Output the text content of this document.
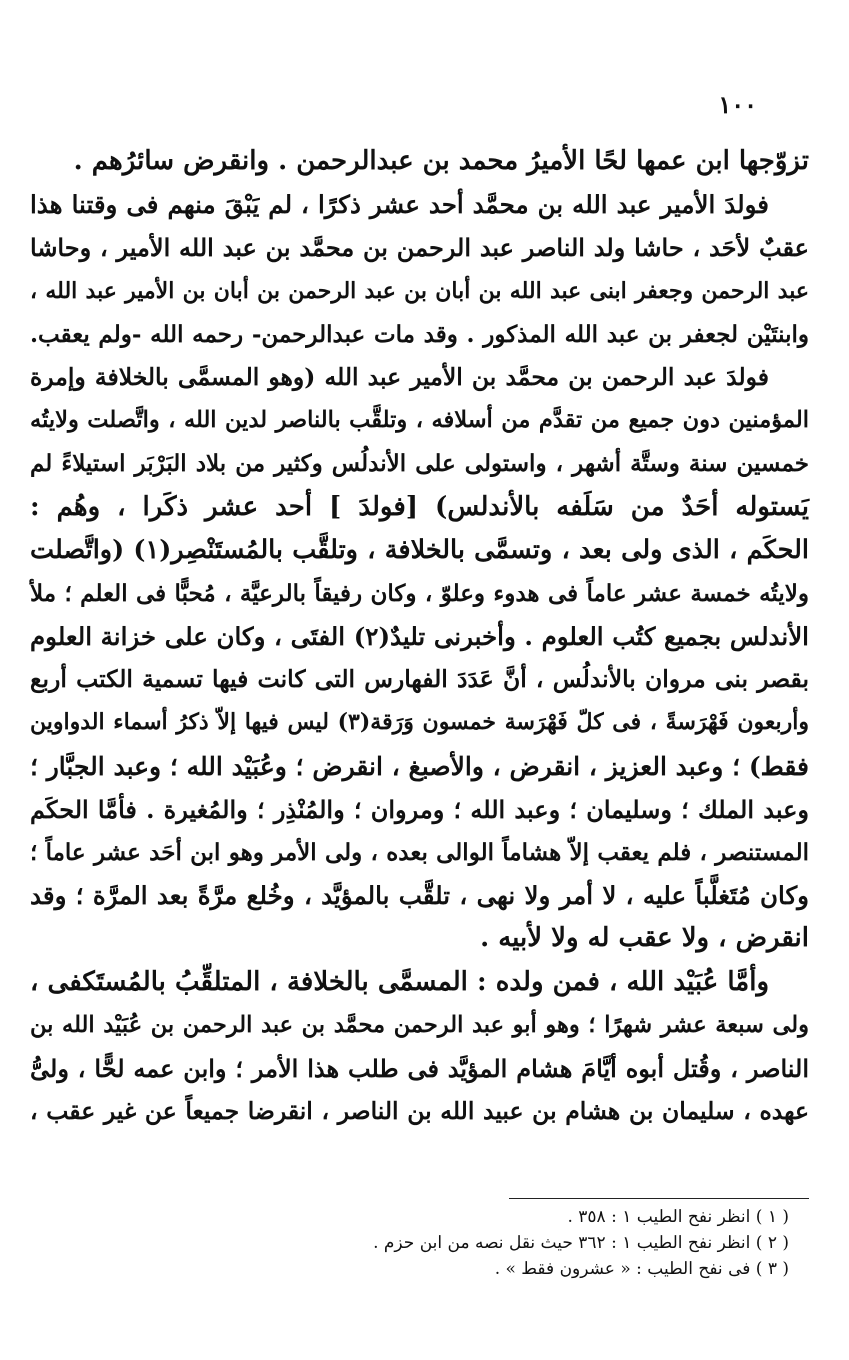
١٠٠
تزوّجها ابن عمها لحًا الأميرُ محمد بن عبدالرحمن . وانقرض سائرُهم .
فولدَ الأمير عبد الله بن محمَّد أحد عشر ذكرًا ، لم يَبْقَ منهم فى وقتنا هذا
عقبٌ لأحَد ، حاشا ولد الناصر عبد الرحمن بن محمَّد بن عبد الله الأمير ، وحاشا
عبد الرحمن وجعفر ابنى عبد الله بن أبان بن عبد الرحمن بن أبان بن الأمير عبد الله ،
وابنتَيْن لجعفر بن عبد الله المذكور . وقد مات عبدالرحمن- رحمه الله -ولم يعقب.
فولدَ عبد الرحمن بن محمَّد بن الأمير عبد الله (وهو المسمَّى بالخلافة وإمرة
المؤمنين دون جميع من تقدَّم من أسلافه ، وتلقَّب بالناصر لدين الله ، واتَّصلت ولايتُه
خمسين سنة وستَّة أشهر ، واستولى على الأندلُس وكثير من بلاد البَرْبَر استيلاءً لم
يَستوله أحَدٌ من سَلَفه بالأندلس) [فولدَ ] أحد عشر ذكَرا ، وهُم :
الحكَم ، الذى ولى بعد ، وتسمَّى بالخلافة ، وتلقَّب بالمُستَنْصِر(١) (واتَّصلت
ولايتُه خمسة عشر عاماً فى هدوء وعلوّ ، وكان رفيقاً بالرعيَّة ، مُحبًّا فى العلم ؛ ملأ
الأندلس بجميع كتُب العلوم . وأخبرنى تليدٌ(٢) الفتَى ، وكان على خزانة العلوم
بقصر بنى مروان بالأندلُس ، أنَّ عَدَدَ الفهارس التى كانت فيها تسمية الكتب أربع
وأربعون فَهْرَسةً ، فى كلّ فَهْرَسة خمسون وَرَقة(٣) ليس فيها إلاّ ذكرُ أسماء الدواوين
فقط) ؛ وعبد العزيز ، انقرض ، والأصبغ ، انقرض ؛ وعُبَيْد الله ؛ وعبد الجبَّار ؛
وعبد الملك ؛ وسليمان ؛ وعبد الله ؛ ومروان ؛ والمُنْذِر ؛ والمُغيرة . فأمَّا الحكَم
المستنصر ، فلم يعقب إلاّ هشاماً الوالى بعده ، ولى الأمر وهو ابن أحَد عشر عاماً ؛
وكان مُتَغلَّباً عليه ، لا أمر ولا نهى ، تلقَّب بالمؤيَّد ، وخُلع مرَّةً بعد المرَّة ؛ وقد
انقرض ، ولا عقب له ولا لأبيه .
وأمَّا عُبَيْد الله ، فمن ولده : المسمَّى بالخلافة ، المتلقِّبُ بالمُستَكفى ،
ولى سبعة عشر شهرًا ؛ وهو أبو عبد الرحمن محمَّد بن عبد الرحمن بن عُبَيْد الله بن
الناصر ، وقُتل أبوه أيَّامَ هشام المؤيَّد فى طلب هذا الأمر ؛ وابن عمه لحًّا ، ولىُّ
عهده ، سليمان بن هشام بن عبيد الله بن الناصر ، انقرضا جميعاً عن غير عقب ،
( ١ ) انظر نفح الطيب ١ : ٣٥٨ .
( ٢ ) انظر نفح الطيب ١ : ٣٦٢ حيث نقل نصه من ابن حزم .
( ٣ ) فى نفح الطيب : « عشرون فقط » .
